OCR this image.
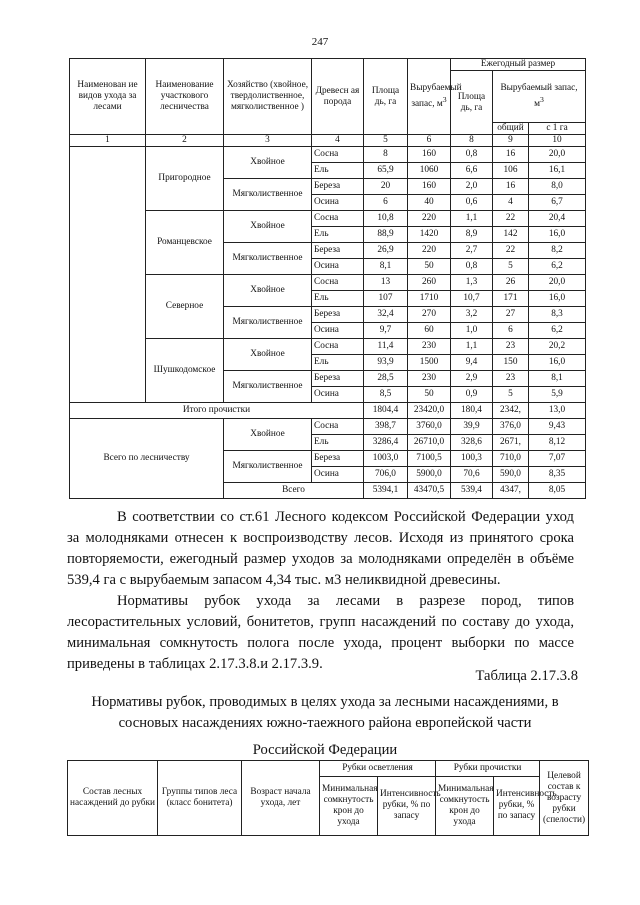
247
Наименован ие видов ухода за лесами	Наименование участкового лесничества	Хозяйство (хвойное, твердолиственное, мягколиственное )	Древесн ая порода	Площа дь, га	Вырубаемый запас, $м^3$	Ежегодный размер		
						Площа дь, га	Вырубаемый запас, $м^3$
							общий	с 1 га
1	2	3	4	5	6	8	9	10
	Пригородное	Хвойное	Сосна	8	160	0,8	16	20,0
			Ель	65,9	1060	6,6	106	16,1
		Мягколиственное	Береза	20	160	2,0	16	8,0
			Осина	6	40	0,6	4	6,7
	Романцевское	Хвойное	Сосна	10,8	220	1,1	22	20,4
			Ель	88,9	1420	8,9	142	16,0
		Мягколиственное	Береза	26,9	220	2,7	22	8,2
			Осина	8,1	50	0,8	5	6,2
	Северное	Хвойное	Сосна	13	260	1,3	26	20,0
			Ель	107	1710	10,7	171	16,0
		Мягколиственное	Береза	32,4	270	3,2	27	8,3
			Осина	9,7	60	1,0	6	6,2
	Шушкодомское	Хвойное	Сосна	11,4	230	1,1	23	20,2
			Ель	93,9	1500	9,4	150	16,0
		Мягколиственное	Береза	28,5	230	2,9	23	8,1
			Осина	8,5	50	0,9	5	5,9
Итого прочистки				1804,4	23420,0	180,4	2342,	13,0
Всего по лесничеству		Хвойное	Сосна	398,7	3760,0	39,9	376,0	9,43
			Ель	3286,4	26710,0	328,6	2671,	8,12
		Мягколиственное	Береза	1003,0	7100,5	100,3	710,0	7,07
			Осина	706,0	5900,0	70,6	590,0	8,35
		Всего		5394,1	43470,5	539,4	4347,	8,05

В соответствии со ст.61 Лесного кодексом Российской Федерации уход за молодняками отнесен к воспроизводству лесов. Исходя из принятого срока повторяемости, ежегодный размер уходов за молодняками определён в объёме 539,4 га с вырубаемым запасом 4,34 тыс. м3 неликвидной древесины.

Нормативы рубок ухода за лесами в разрезе пород, типов лесорастительных условий, бонитетов, групп насаждений по составу до ухода, минимальная сомкнутость полога после ухода, процент выборки по массе приведены в таблицах 2.17.3.8.и 2.17.3.9.

Таблица 2.17.3.8
Нормативы рубок, проводимых в целях ухода за лесными насаждениями, в сосновых насаждениях южно-таежного района европейской части
Российской Федерации
Состав лесных насаждений до рубки	Группы типов леса (класс бонитета)	Возраст начала ухода, лет	Рубки осветления		Рубки прочистки		Целевой состав к возрасту рубки (спелости)
			Минимальная сомкнутость крон до ухода	Интенсивность рубки, % по запасу	Минимальная сомкнутость крон до ухода	Интенсивность рубки, % по запасу	
